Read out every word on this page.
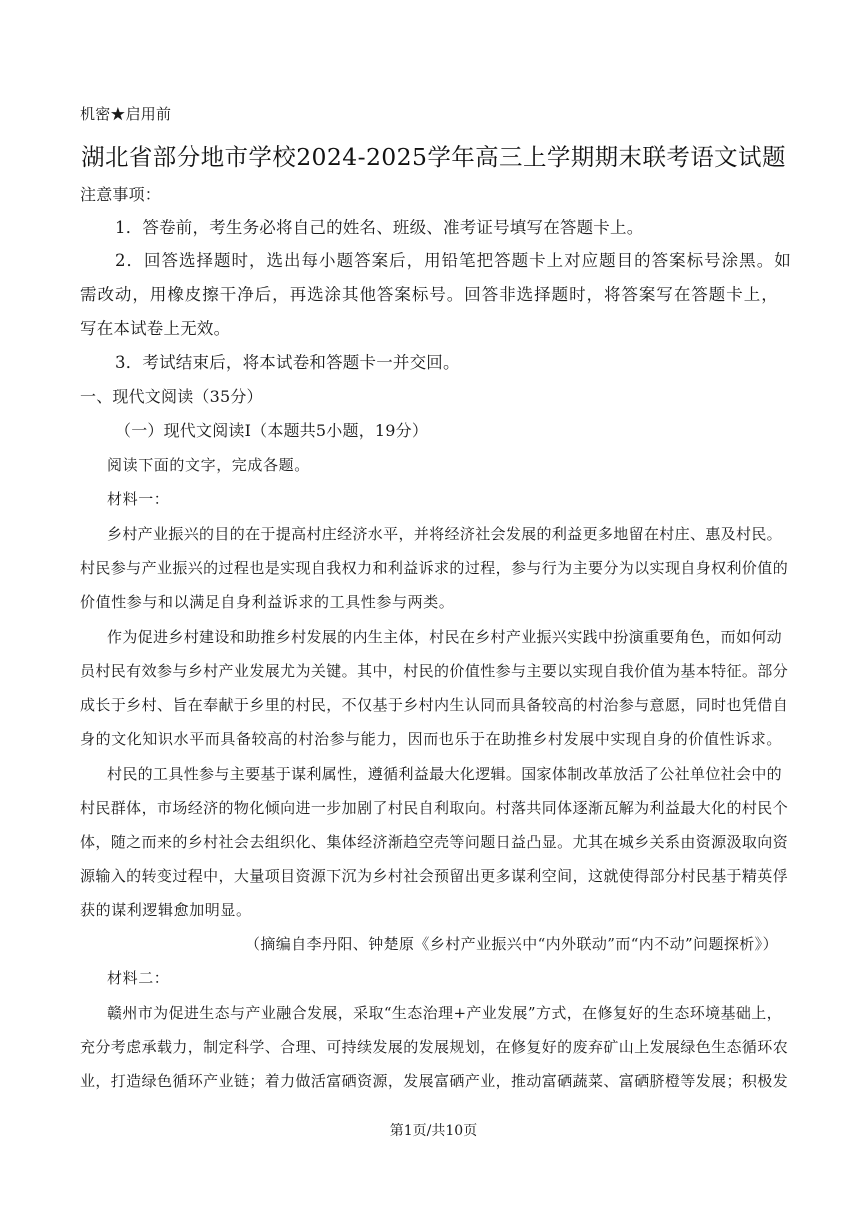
机密★启用前
湖北省部分地市学校2024-2025学年高三上学期期末联考语文试题
注意事项：
1．答卷前，考生务必将自己的姓名、班级、准考证号填写在答题卡上。
2．回答选择题时，选出每小题答案后，用铅笔把答题卡上对应题目的答案标号涂黑。如
需改动，用橡皮擦干净后，再选涂其他答案标号。回答非选择题时，将答案写在答题卡上，
写在本试卷上无效。
3．考试结束后，将本试卷和答题卡一并交回。
一、现代文阅读（35分）
（一）现代文阅读Ⅰ（本题共5小题，19分）
阅读下面的文字，完成各题。
材料一：
乡村产业振兴的目的在于提高村庄经济水平，并将经济社会发展的利益更多地留在村庄、惠及村民。
村民参与产业振兴的过程也是实现自我权力和利益诉求的过程，参与行为主要分为以实现自身权利价值的
价值性参与和以满足自身利益诉求的工具性参与两类。
作为促进乡村建设和助推乡村发展的内生主体，村民在乡村产业振兴实践中扮演重要角色，而如何动
员村民有效参与乡村产业发展尤为关键。其中，村民的价值性参与主要以实现自我价值为基本特征。部分
成长于乡村、旨在奉献于乡里的村民，不仅基于乡村内生认同而具备较高的村治参与意愿，同时也凭借自
身的文化知识水平而具备较高的村治参与能力，因而也乐于在助推乡村发展中实现自身的价值性诉求。
村民的工具性参与主要基于谋利属性，遵循利益最大化逻辑。国家体制改革放活了公社单位社会中的
村民群体，市场经济的物化倾向进一步加剧了村民自利取向。村落共同体逐渐瓦解为利益最大化的村民个
体，随之而来的乡村社会去组织化、集体经济渐趋空壳等问题日益凸显。尤其在城乡关系由资源汲取向资
源输入的转变过程中，大量项目资源下沉为乡村社会预留出更多谋利空间，这就使得部分村民基于精英俘
获的谋利逻辑愈加明显。
（摘编自李丹阳、钟楚原《乡村产业振兴中“内外联动”而“内不动”问题探析》）
材料二：
赣州市为促进生态与产业融合发展，采取“生态治理+产业发展”方式，在修复好的生态环境基础上，
充分考虑承载力，制定科学、合理、可持续发展的发展规划，在修复好的废弃矿山上发展绿色生态循环农
业，打造绿色循环产业链；着力做活富硒资源，发展富硒产业，推动富硒蔬菜、富硒脐橙等发展；积极发
第1页/共10页
